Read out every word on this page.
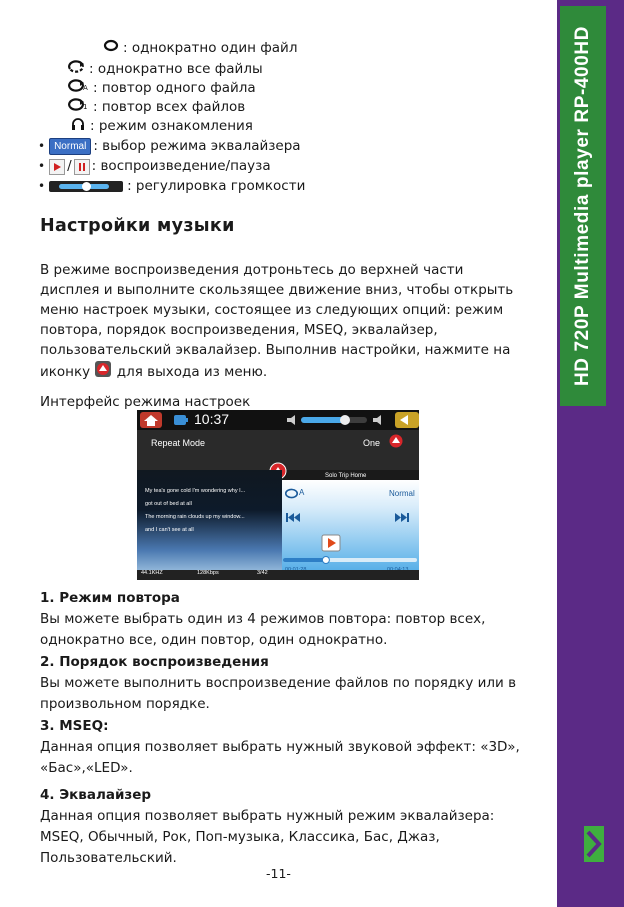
HD 720P Multimedia player RP-400HD
: однократно один файл
: однократно все файлы
A : повтор одного файла
1 : повтор всех файлов
: режим ознакомления
• Normal : выбор режима эквалайзера
• / : воспроизведение/пауза
•	: регулировка громкости
Настройки музыки
В режиме воспроизведения дотроньтесь до верхней части
дисплея и выполните скользящее движение вниз, чтобы открыть
меню настроек музыки, состоящее из следующих опций: режим
повтора, порядок воспроизведения, MSEQ, эквалайзер,
пользовательский эквалайзер. Выполнив настройки, нажмите на
иконку для выхода из меню.
Интерфейс режима настроек
10:37
Repeat Mode	One
My tea's gone cold I'm wondering why I...
got out of bed at all
The morning rain clouds up my window...
and I can't see at all
Solo Trip Home
A	Normal
44.1KHZ	128Kbps	3/42
1. Режим повтора
Вы можете выбрать один из 4 режимов повтора: повтор всех,
однократно все, один повтор, один однократно.
2. Порядок воспроизведения
Вы можете выполнить воспроизведение файлов по порядку или в
произвольном порядке.
3. MSEQ:
Данная опция позволяет выбрать нужный звуковой эффект: «3D»,
«Бас»,«LED».
4. Эквалайзер
Данная опция позволяет выбрать нужный режим эквалайзера:
MSEQ, Обычный, Рок, Поп-музыка, Классика, Бас, Джаз,
Пользовательский.
-11-
